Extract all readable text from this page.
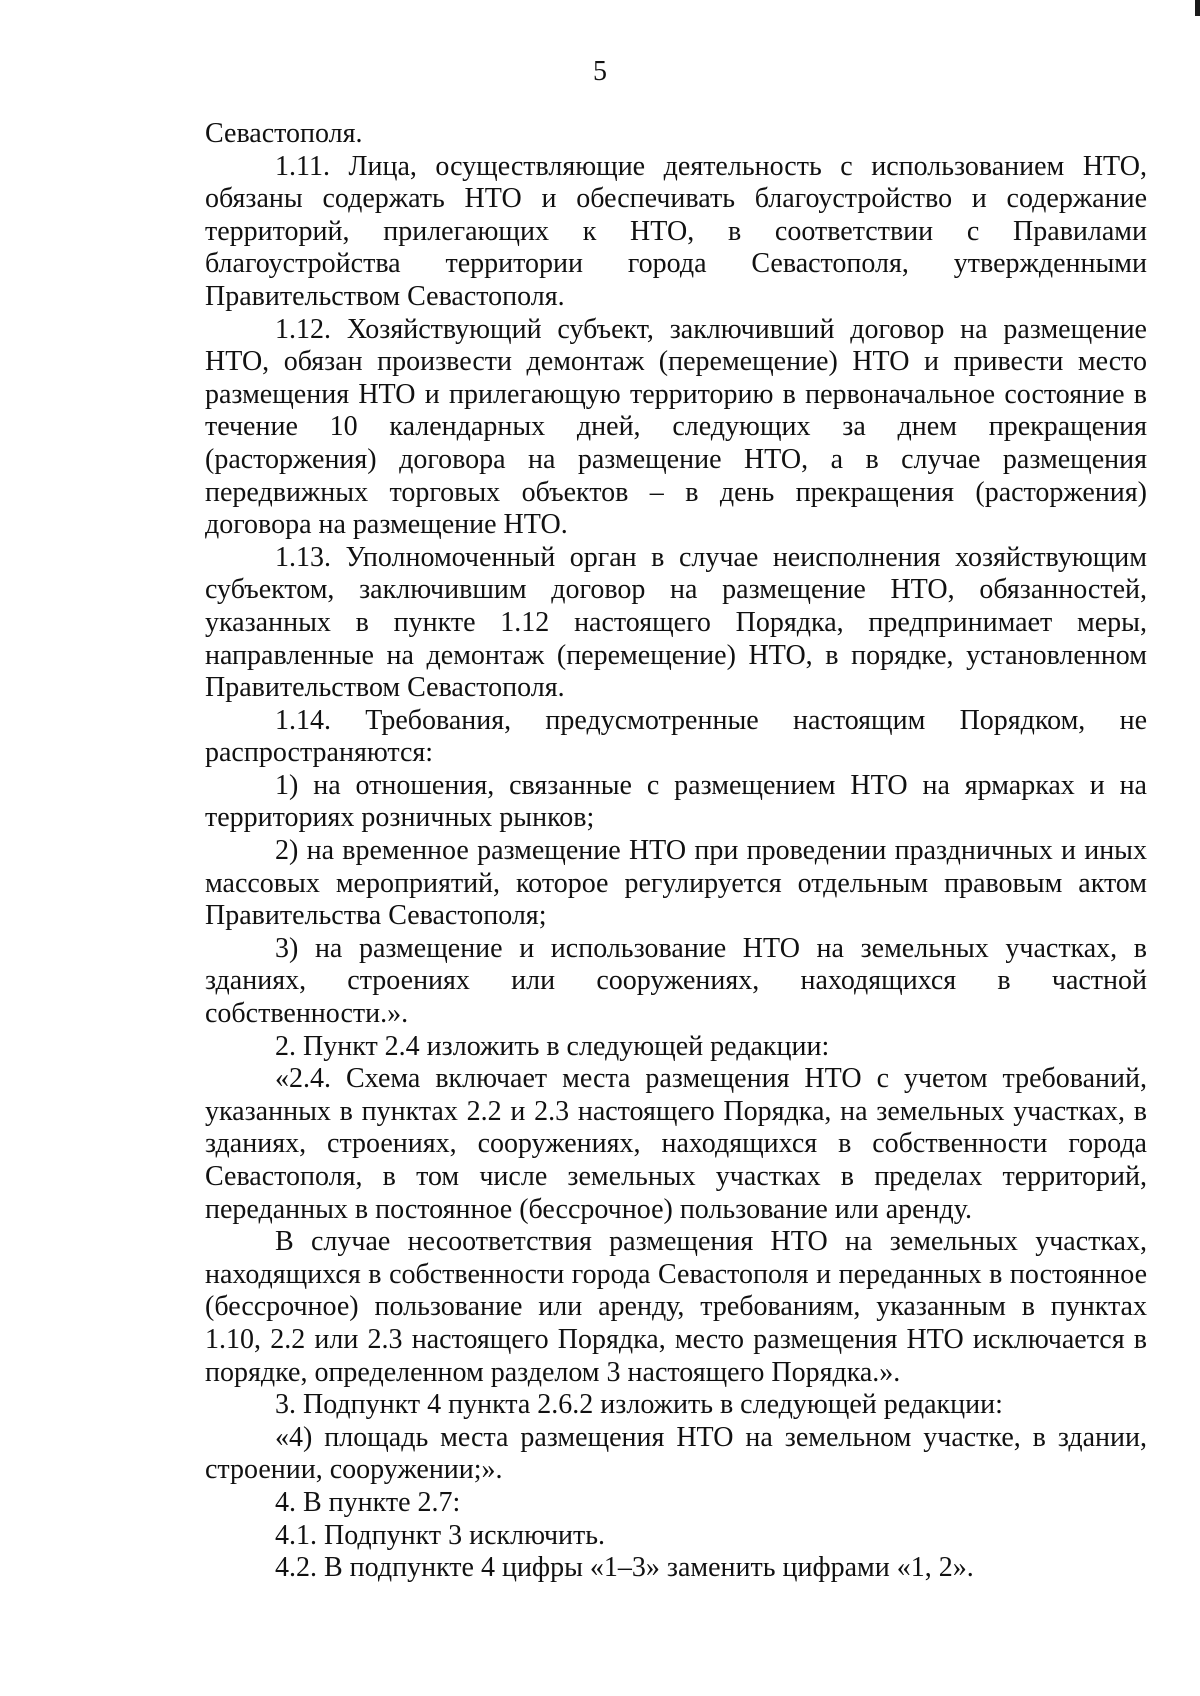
5

Севастополя.

1.11. Лица, осуществляющие деятельность с использованием НТО, обязаны содержать НТО и обеспечивать благоустройство и содержание территорий, прилегающих к НТО, в соответствии с Правилами благоустройства территории города Севастополя, утвержденными Правительством Севастополя.

1.12. Хозяйствующий субъект, заключивший договор на размещение НТО, обязан произвести демонтаж (перемещение) НТО и привести место размещения НТО и прилегающую территорию в первоначальное состояние в течение 10 календарных дней, следующих за днем прекращения (расторжения) договора на размещение НТО, а в случае размещения передвижных торговых объектов – в день прекращения (расторжения) договора на размещение НТО.

1.13. Уполномоченный орган в случае неисполнения хозяйствующим субъектом, заключившим договор на размещение НТО, обязанностей, указанных в пункте 1.12 настоящего Порядка, предпринимает меры, направленные на демонтаж (перемещение) НТО, в порядке, установленном Правительством Севастополя.

1.14. Требования, предусмотренные настоящим Порядком, не распространяются:

1) на отношения, связанные с размещением НТО на ярмарках и на территориях розничных рынков;

2) на временное размещение НТО при проведении праздничных и иных массовых мероприятий, которое регулируется отдельным правовым актом Правительства Севастополя;

3) на размещение и использование НТО на земельных участках, в зданиях, строениях или сооружениях, находящихся в частной собственности.».

2. Пункт 2.4 изложить в следующей редакции:

«2.4. Схема включает места размещения НТО с учетом требований, указанных в пунктах 2.2 и 2.3 настоящего Порядка, на земельных участках, в зданиях, строениях, сооружениях, находящихся в собственности города Севастополя, в том числе земельных участках в пределах территорий, переданных в постоянное (бессрочное) пользование или аренду.

В случае несоответствия размещения НТО на земельных участках, находящихся в собственности города Севастополя и переданных в постоянное (бессрочное) пользование или аренду, требованиям, указанным в пунктах 1.10, 2.2 или 2.3 настоящего Порядка, место размещения НТО исключается в порядке, определенном разделом 3 настоящего Порядка.».

3. Подпункт 4 пункта 2.6.2 изложить в следующей редакции:

«4) площадь места размещения НТО на земельном участке, в здании, строении, сооружении;».

4. В пункте 2.7:

4.1. Подпункт 3 исключить.

4.2. В подпункте 4 цифры «1–3» заменить цифрами «1, 2».
